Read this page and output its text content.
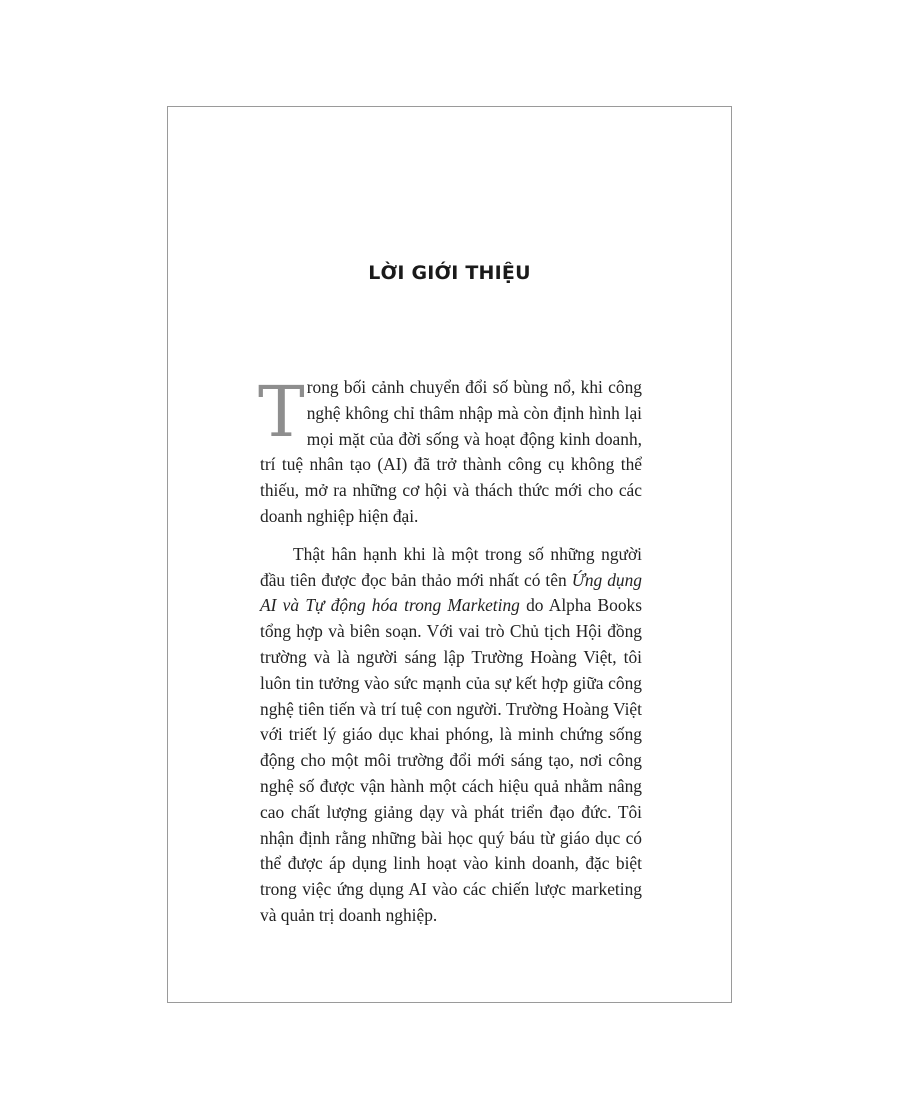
LỜI GIỚI THIỆU

Trong bối cảnh chuyển đổi số bùng nổ, khi công nghệ không chỉ thâm nhập mà còn định hình lại mọi mặt của đời sống và hoạt động kinh doanh, trí tuệ nhân tạo (AI) đã trở thành công cụ không thể thiếu, mở ra những cơ hội và thách thức mới cho các doanh nghiệp hiện đại.

Thật hân hạnh khi là một trong số những người đầu tiên được đọc bản thảo mới nhất có tên Ứng dụng AI và Tự động hóa trong Marketing do Alpha Books tổng hợp và biên soạn. Với vai trò Chủ tịch Hội đồng trường và là người sáng lập Trường Hoàng Việt, tôi luôn tin tưởng vào sức mạnh của sự kết hợp giữa công nghệ tiên tiến và trí tuệ con người. Trường Hoàng Việt với triết lý giáo dục khai phóng, là minh chứng sống động cho một môi trường đổi mới sáng tạo, nơi công nghệ số được vận hành một cách hiệu quả nhằm nâng cao chất lượng giảng dạy và phát triển đạo đức. Tôi nhận định rằng những bài học quý báu từ giáo dục có thể được áp dụng linh hoạt vào kinh doanh, đặc biệt trong việc ứng dụng AI vào các chiến lược marketing và quản trị doanh nghiệp.
